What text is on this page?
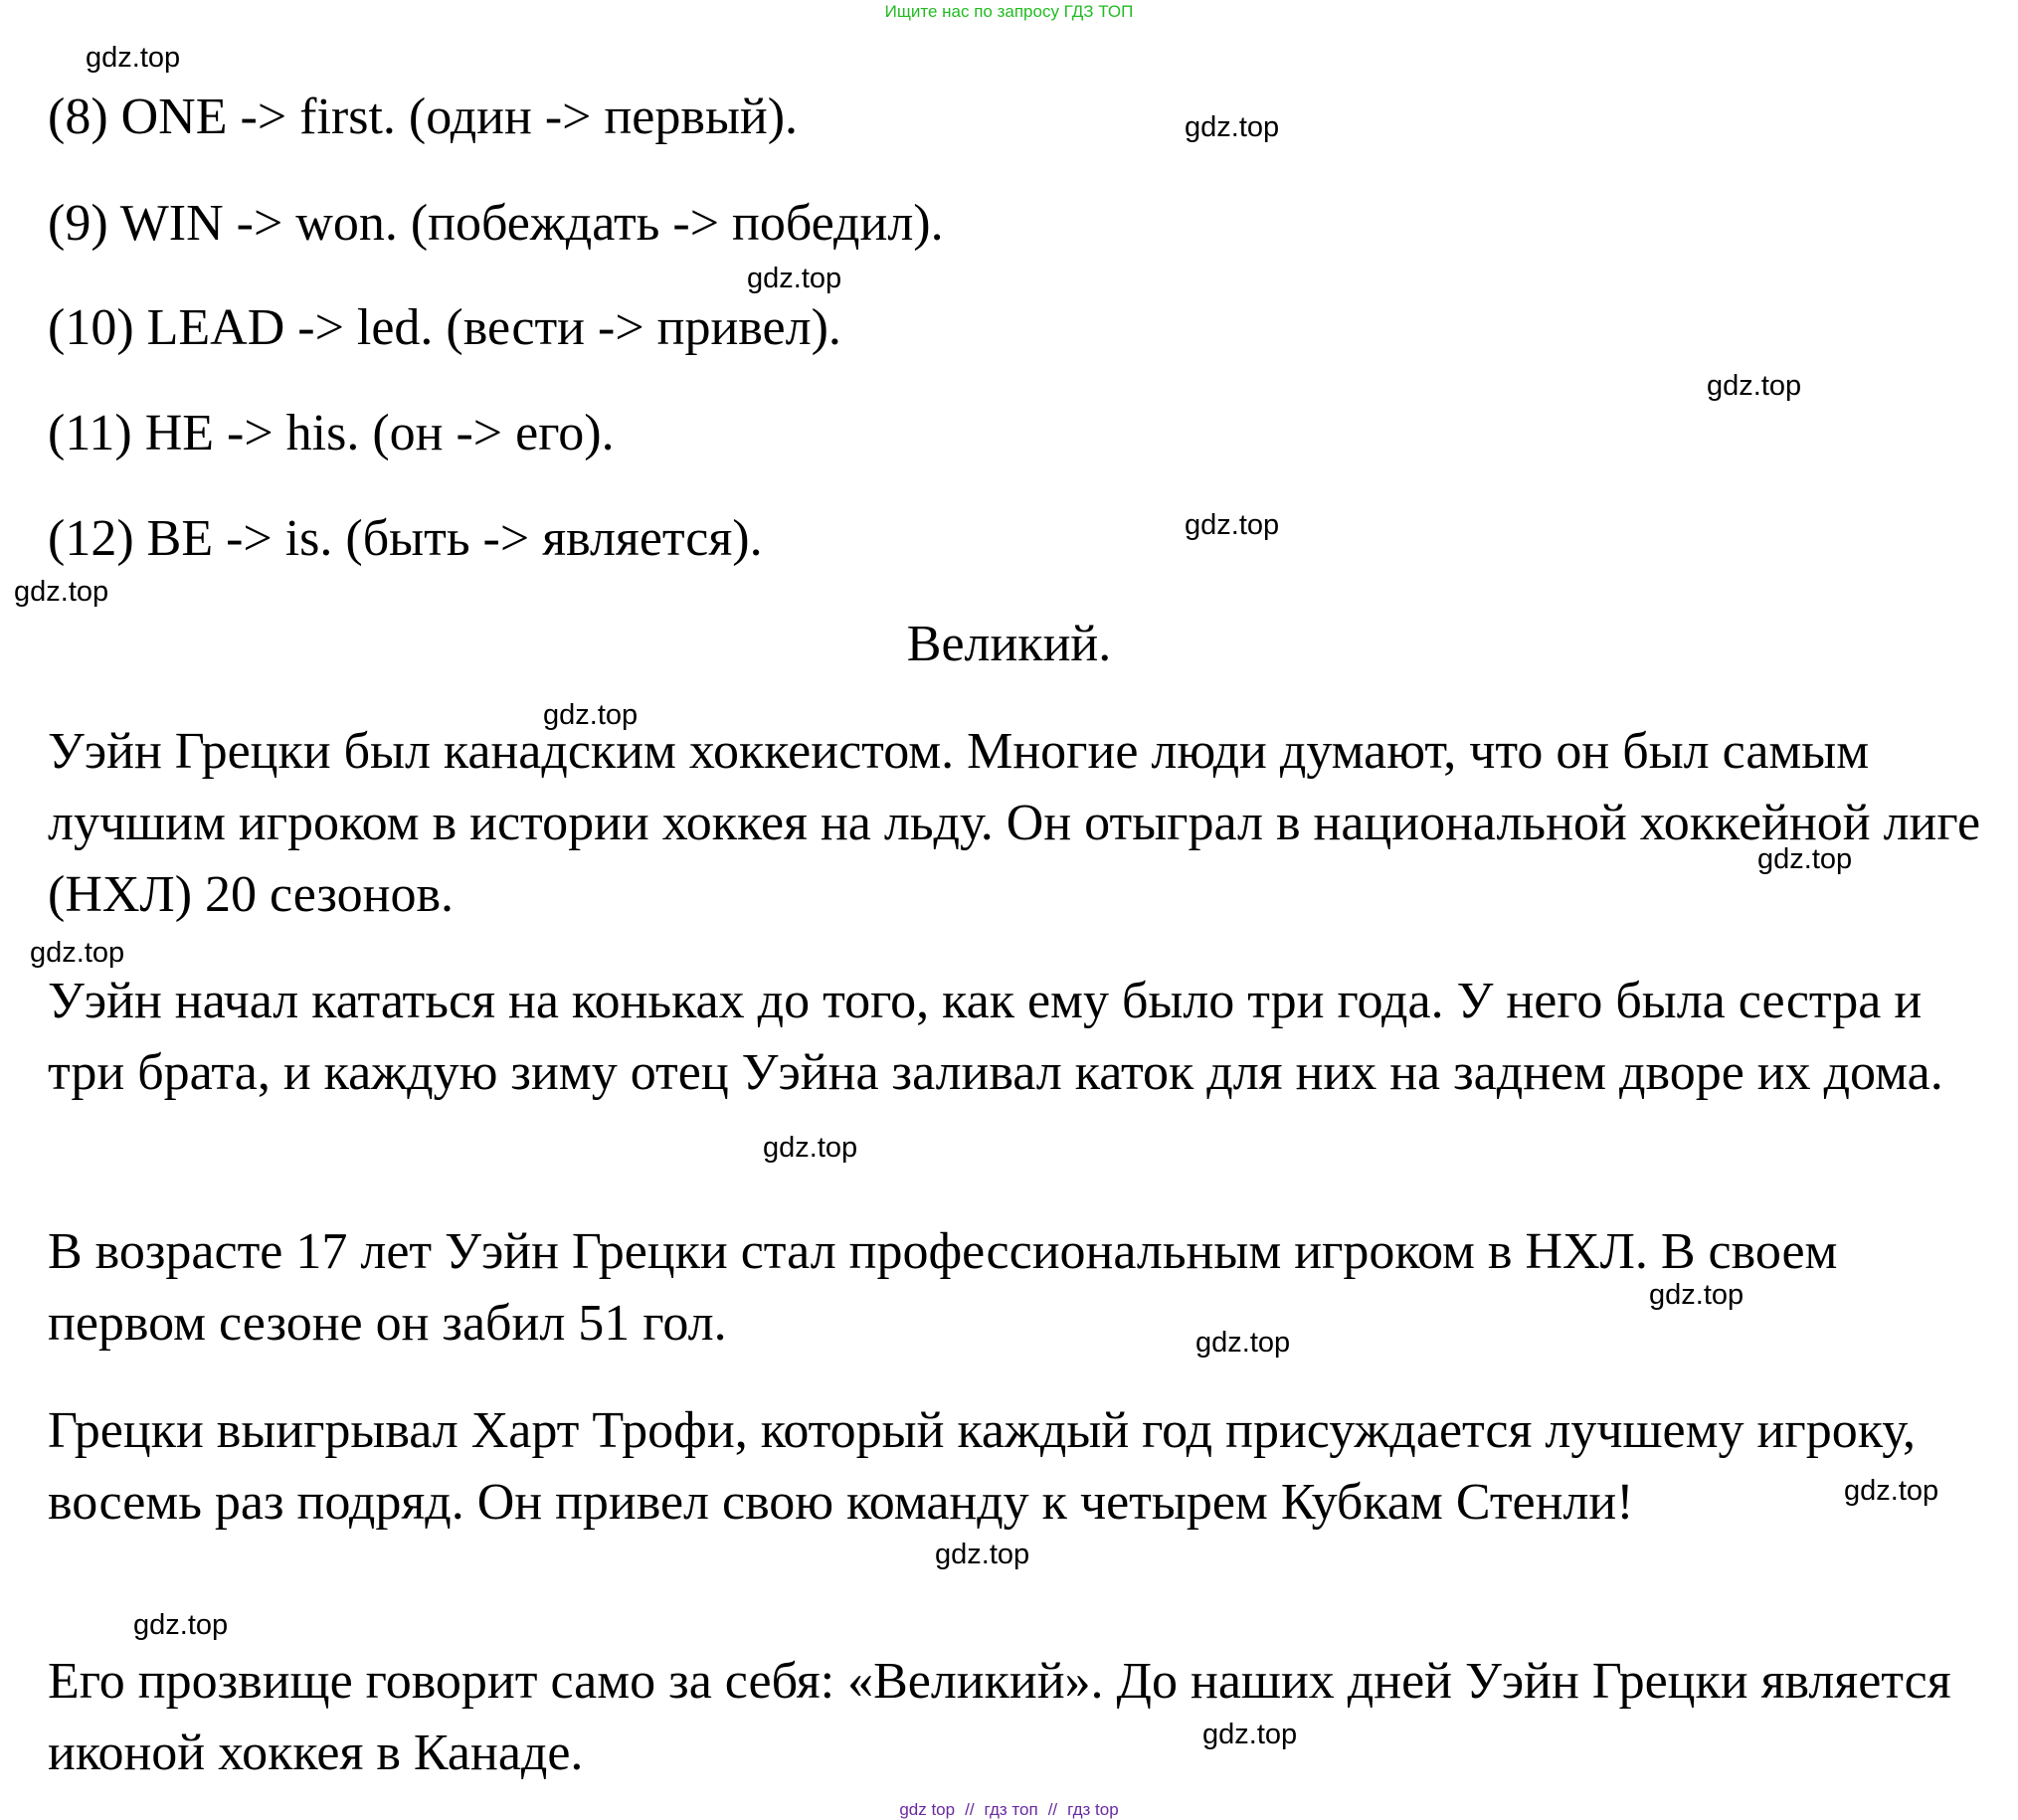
Ищите нас по запросу ГДЗ ТОП
(8) ONE -> first. (один -> первый).
(9) WIN -> won. (побеждать -> победил).
(10) LEAD -> led. (вести -> привел).
(11) HE -> his. (он -> его).
(12) BE -> is. (быть -> является).
Великий.

Уэйн Грецки был канадским хоккеистом. Многие люди думают, что он был самым лучшим игроком в истории хоккея на льду. Он отыграл в национальной хоккейной лиге (НХЛ) 20 сезонов.

Уэйн начал кататься на коньках до того, как ему было три года. У него была сестра и три брата, и каждую зиму отец Уэйна заливал каток для них на заднем дворе их дома.

В возрасте 17 лет Уэйн Грецки стал профессиональным игроком в НХЛ. В своем первом сезоне он забил 51 гол.

Грецки выигрывал Харт Трофи, который каждый год присуждается лучшему игроку, восемь раз подряд. Он привел свою команду к четырем Кубкам Стенли!

Его прозвище говорит само за себя: «Великий». До наших дней Уэйн Грецки является иконой хоккея в Канаде.

gdz.top
gdz.top
gdz.top
gdz.top
gdz.top
gdz.top
gdz.top
gdz.top
gdz.top
gdz.top
gdz.top
gdz.top
gdz.top
gdz.top
gdz.top
gdz.top
gdz top // гдз топ // гдз top
